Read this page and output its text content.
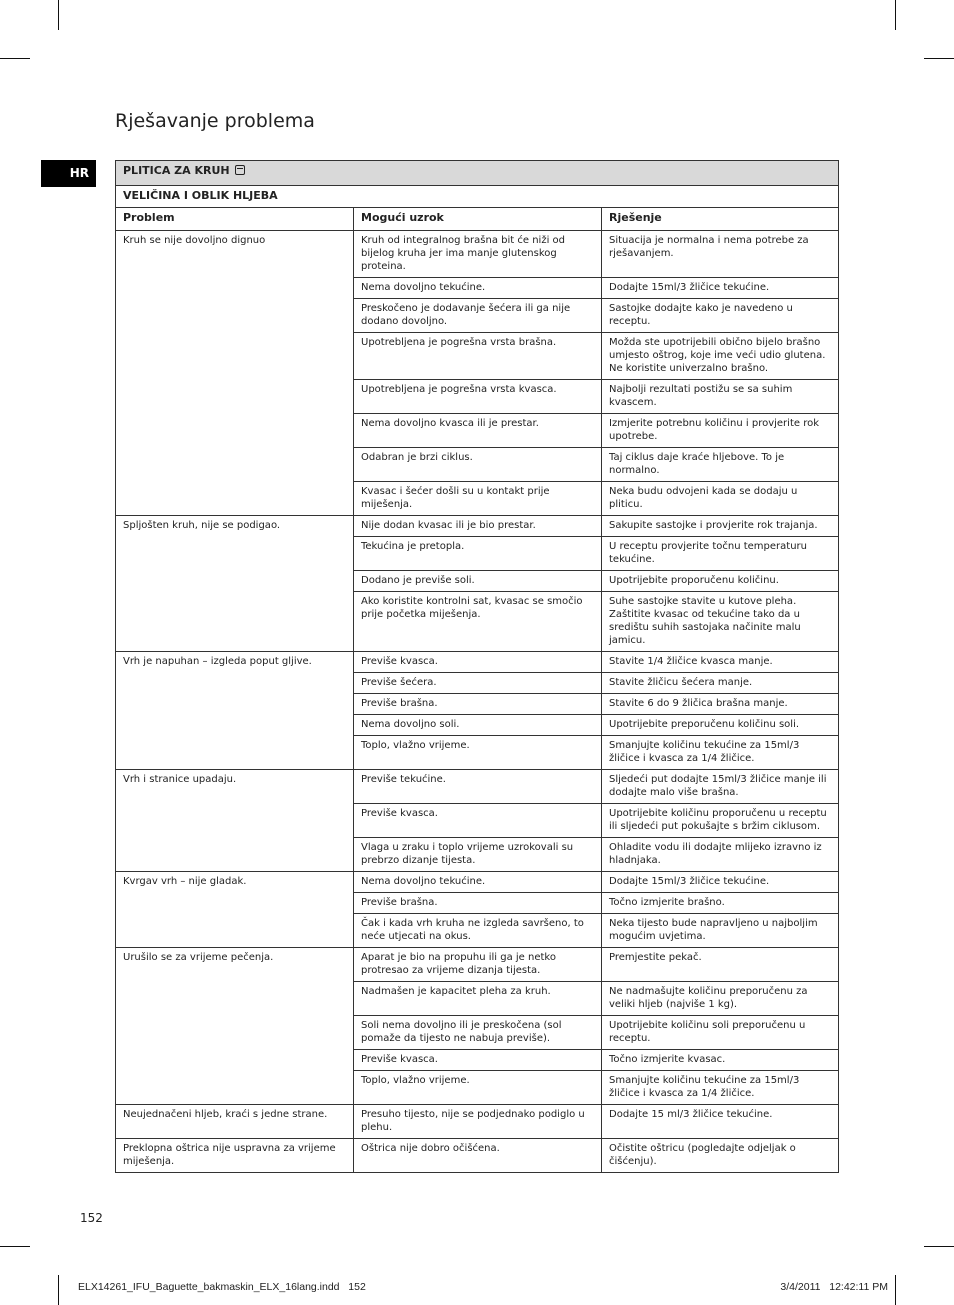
Rješavanje problema
HR	PLITICA ZA KRUH		
VELIČINA I OBLIK HLJEBA		
Problem	Mogući uzrok	Rješenje
Kruh se nije dovoljno dignuo	Kruh od integralnog brašna bit će niži od bijelog kruha jer ima manje glutenskog proteina.	Situacija je normalna i nema potrebe za rješavanjem.
	Nema dovoljno tekućine.	Dodajte 15ml/3 žličice tekućine.
	Preskočeno je dodavanje šećera ili ga nije dodano dovoljno.	Sastojke dodajte kako je navedeno u receptu.
	Upotrebljena je pogrešna vrsta brašna.	Možda ste upotrijebili obično bijelo brašno umjesto oštrog, koje ime veći udio glutena. Ne koristite univerzalno brašno.
	Upotrebljena je pogrešna vrsta kvasca.	Najbolji rezultati postižu se sa suhim kvascem.
	Nema dovoljno kvasca ili je prestar.	Izmjerite potrebnu količinu i provjerite rok upotrebe.
	Odabran je brzi ciklus.	Taj ciklus daje kraće hljebove. To je normalno.
	Kvasac i šećer došli su u kontakt prije miješenja.	Neka budu odvojeni kada se dodaju u pliticu.
Spljošten kruh, nije se podigao.	Nije dodan kvasac ili je bio prestar.	Sakupite sastojke i provjerite rok trajanja.
	Tekućina je pretopla.	U receptu provjerite točnu temperaturu tekućine.
	Dodano je previše soli.	Upotrijebite proporučenu količinu.
	Ako koristite kontrolni sat, kvasac se smočio prije početka miješenja.	Suhe sastojke stavite u kutove pleha. Zaštitite kvasac od tekućine tako da u središtu suhih sastojaka načinite malu jamicu.
Vrh je napuhan – izgleda poput gljive.	Previše kvasca.	Stavite 1/4 žličice kvasca manje.
	Previše šećera.	Stavite žličicu šećera manje.
	Previše brašna.	Stavite 6 do 9 žličica brašna manje.
	Nema dovoljno soli.	Upotrijebite preporučenu količinu soli.
	Toplo, vlažno vrijeme.	Smanjujte količinu tekućine za 15ml/3 žličice i kvasca za 1/4 žličice.
Vrh i stranice upadaju.	Previše tekućine.	Sljedeći put dodajte 15ml/3 žličice manje ili dodajte malo više brašna.
	Previše kvasca.	Upotrijebite količinu proporučenu u receptu ili sljedeći put pokušajte s bržim ciklusom.
	Vlaga u zraku i toplo vrijeme uzrokovali su prebrzo dizanje tijesta.	Ohladite vodu ili dodajte mlijeko izravno iz hladnjaka.
Kvrgav vrh – nije gladak.	Nema dovoljno tekućine.	Dodajte 15ml/3 žličice tekućine.
	Previše brašna.	Točno izmjerite brašno.
	Čak i kada vrh kruha ne izgleda savršeno, to neće utjecati na okus.	Neka tijesto bude napravljeno u najboljim mogućim uvjetima.
Urušilo se za vrijeme pečenja.	Aparat je bio na propuhu ili ga je netko protresao za vrijeme dizanja tijesta.	Premjestite pekač.
	Nadmašen je kapacitet pleha za kruh.	Ne nadmašujte količinu preporučenu za veliki hljeb (najviše 1 kg).
	Soli nema dovoljno ili je preskočena (sol pomaže da tijesto ne nabuja previše).	Upotrijebite količinu soli preporučenu u receptu.
	Previše kvasca.	Točno izmjerite kvasac.
	Toplo, vlažno vrijeme.	Smanjujte količinu tekućine za 15ml/3 žličice i kvasca za 1/4 žličice.
Neujednačeni hljeb, kraći s jedne strane.	Presuho tijesto, nije se podjednako podiglo u plehu.	Dodajte 15 ml/3 žličice tekućine.
Preklopna oštrica nije uspravna za vrijeme miješenja.	Oštrica nije dobro očišćena.	Očistite oštricu (pogledajte odjeljak o čišćenju).
152
ELX14261_IFU_Baguette_bakmaskin_ELX_16lang.indd   152	3/4/2011   12:42:11 PM
